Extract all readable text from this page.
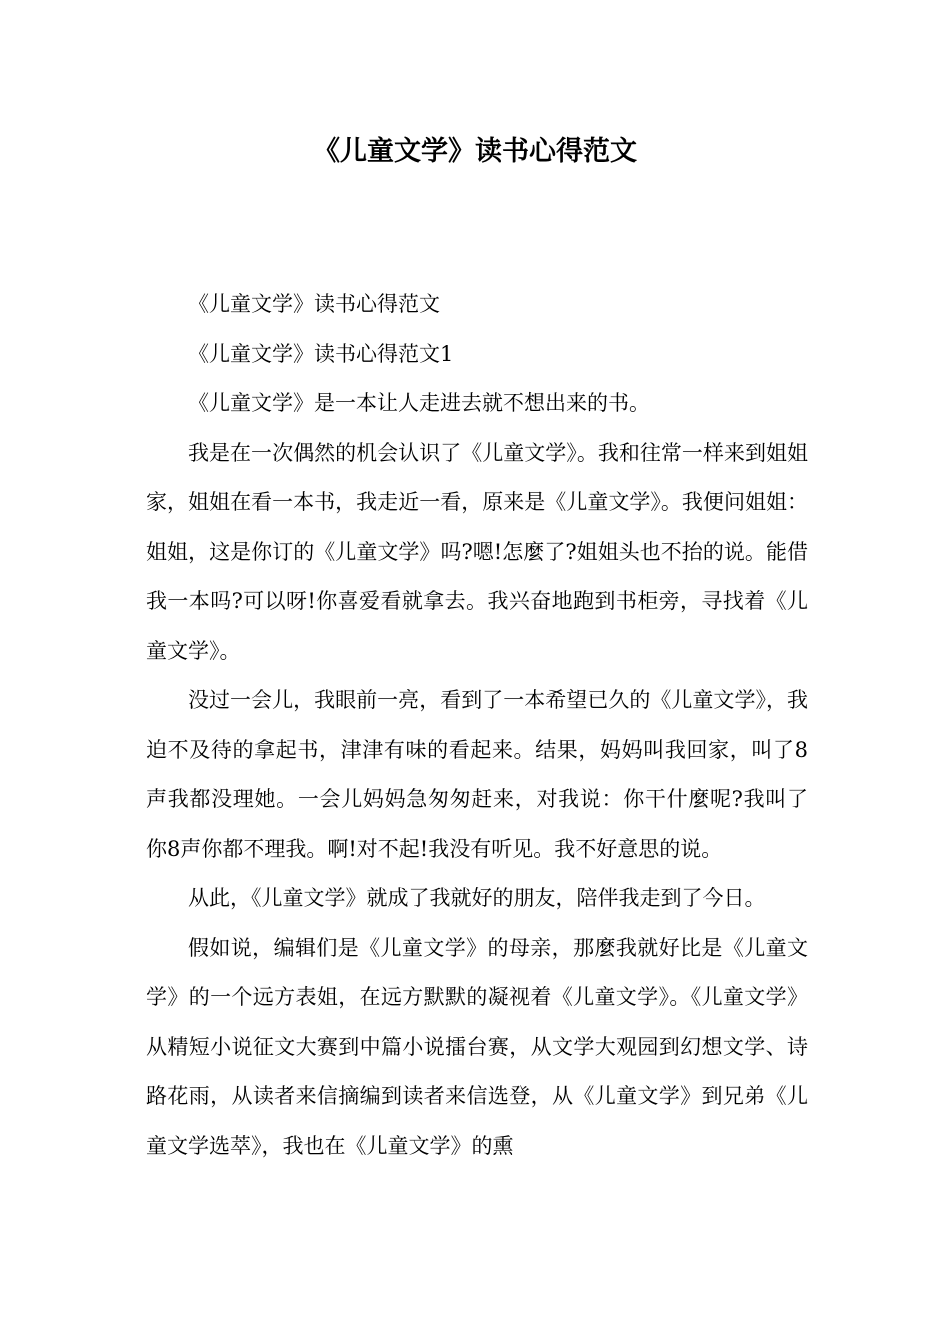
《儿童文学》读书心得范文

《儿童文学》读书心得范文

《儿童文学》读书心得范文1

《儿童文学》是一本让人走进去就不想出来的书。

我是在一次偶然的机会认识了《儿童文学》。我和往常一样来到姐姐家，姐姐在看一本书，我走近一看，原来是《儿童文学》。我便问姐姐：姐姐，这是你订的《儿童文学》吗?嗯!怎麼了?姐姐头也不抬的说。能借我一本吗?可以呀!你喜爱看就拿去。我兴奋地跑到书柜旁，寻找着《儿童文学》。

没过一会儿，我眼前一亮，看到了一本希望已久的《儿童文学》，我迫不及待的拿起书，津津有味的看起来。结果，妈妈叫我回家，叫了8声我都没理她。一会儿妈妈急匆匆赶来，对我说：你干什麼呢?我叫了你8声你都不理我。啊!对不起!我没有听见。我不好意思的说。

从此，《儿童文学》就成了我就好的朋友，陪伴我走到了今日。

假如说，编辑们是《儿童文学》的母亲，那麼我就好比是《儿童文学》的一个远方表姐，在远方默默的凝视着《儿童文学》。《儿童文学》从精短小说征文大赛到中篇小说擂台赛，从文学大观园到幻想文学、诗路花雨，从读者来信摘编到读者来信选登，从《儿童文学》到兄弟《儿童文学选萃》，我也在《儿童文学》的熏
